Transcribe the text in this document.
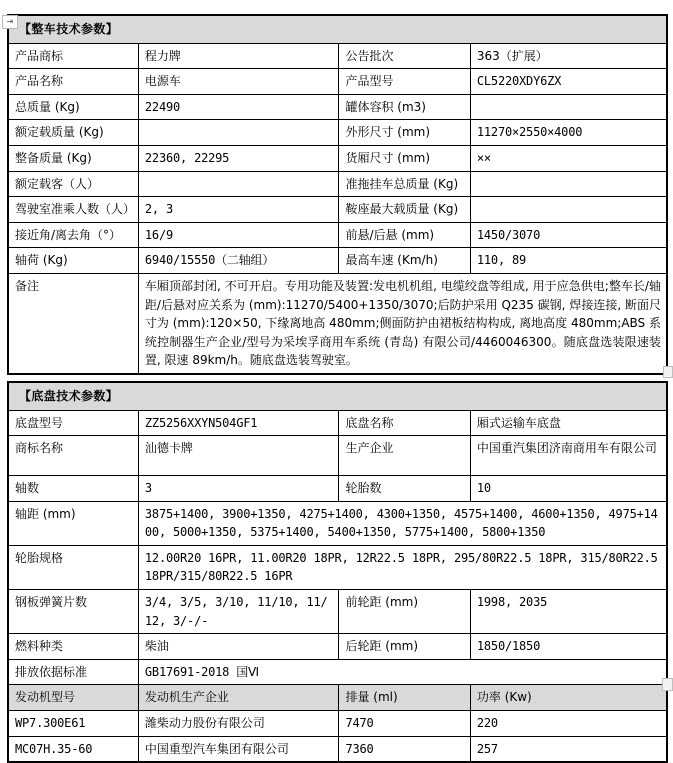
⇥
【整车技术参数】			
产品商标	程力牌	公告批次	363（扩展）
产品名称	电源车	产品型号	CL5220XDY6ZX
总质量 (Kg)	22490	罐体容积 (m3)	
额定载质量 (Kg)		外形尺寸 (mm)	11270×2550×4000
整备质量 (Kg)	22360, 22295	货厢尺寸 (mm)	××
额定载客（人）		准拖挂车总质量 (Kg)	
驾驶室准乘人数（人）	2, 3	鞍座最大载质量 (Kg)	
接近角/离去角（°）	16/9	前悬/后悬 (mm)	1450/3070
轴荷 (Kg)	6940/15550（二轴组）	最高车速 (Km/h)	110, 89
备注	车厢顶部封闭, 不可开启。专用功能及装置:发电机机组, 电缆绞盘等组成, 用于应急供电;整车长/轴距/后悬对应关系为 (mm):11270/5400+1350/3070;后防护采用 Q235 碳钢, 焊接连接, 断面尺寸为 (mm):120×50, 下缘离地高 480mm;侧面防护由裙板结构构成, 离地高度 480mm;ABS 系统控制器生产企业/型号为采埃孚商用车系统 (青岛) 有限公司/4460046300。随底盘选装限速装置, 限速 89km/h。随底盘选装驾驶室。		

【底盘技术参数】			
底盘型号	ZZ5256XXYN504GF1	底盘名称	厢式运输车底盘
商标名称	汕德卡牌	生产企业	中国重汽集团济南商用车有限公司
轴数	3	轮胎数	10
轴距 (mm)	3875+1400, 3900+1350, 4275+1400, 4300+1350, 4575+1400, 4600+1350, 4975+1400, 5000+1350, 5375+1400, 5400+1350, 5775+1400, 5800+1350		
轮胎规格	12.00R20 16PR, 11.00R20 18PR, 12R22.5 18PR, 295/80R22.5 18PR, 315/80R22.5 18PR/315/80R22.5 16PR		
钢板弹簧片数	3/4, 3/5, 3/10, 11/10, 11/12, 3/-/-	前轮距 (mm)	1998, 2035
燃料种类	柴油	后轮距 (mm)	1850/1850
排放依据标准	GB17691-2018 国Ⅵ		
发动机型号	发动机生产企业	排量 (ml)	功率 (Kw)
WP7.300E61	潍柴动力股份有限公司	7470	220
MC07H.35-60	中国重型汽车集团有限公司	7360	257
